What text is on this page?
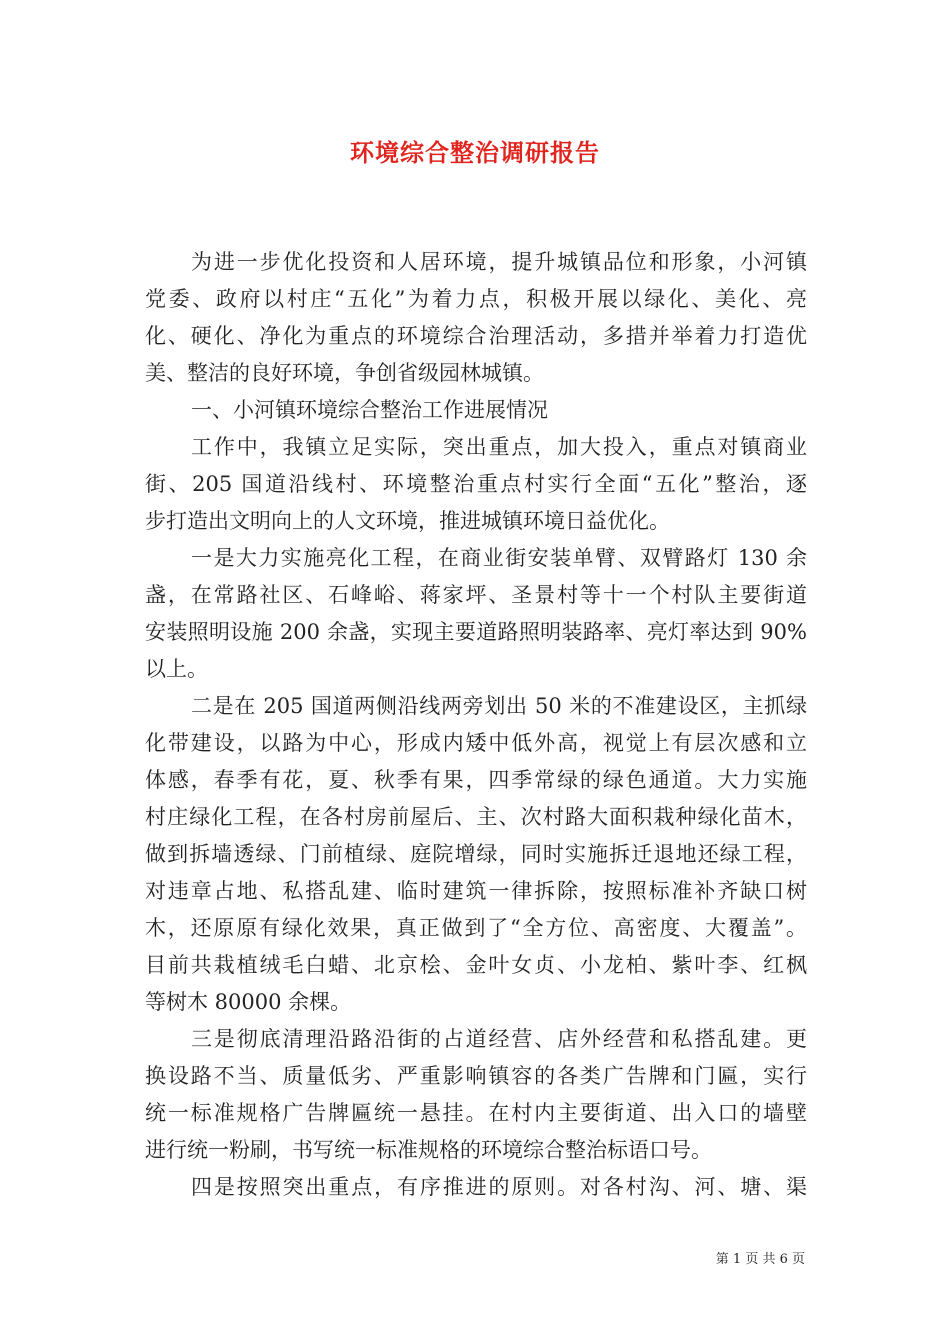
环境综合整治调研报告
为进一步优化投资和人居环境，提升城镇品位和形象，小河镇
党委、政府以村庄“五化”为着力点，积极开展以绿化、美化、亮
化、硬化、净化为重点的环境综合治理活动，多措并举着力打造优
美、整洁的良好环境，争创省级园林城镇。
一、小河镇环境综合整治工作进展情况
工作中，我镇立足实际，突出重点，加大投入，重点对镇商业
街、205 国道沿线村、环境整治重点村实行全面“五化”整治，逐
步打造出文明向上的人文环境，推进城镇环境日益优化。
一是大力实施亮化工程，在商业街安装单臂、双臂路灯 130 余
盏，在常路社区、石峰峪、蒋家坪、圣景村等十一个村队主要街道
安装照明设施 200 余盏，实现主要道路照明装路率、亮灯率达到 90%
以上。
二是在 205 国道两侧沿线两旁划出 50 米的不准建设区，主抓绿
化带建设，以路为中心，形成内矮中低外高，视觉上有层次感和立
体感，春季有花，夏、秋季有果，四季常绿的绿色通道。大力实施
村庄绿化工程，在各村房前屋后、主、次村路大面积栽种绿化苗木，
做到拆墙透绿、门前植绿、庭院增绿，同时实施拆迁退地还绿工程，
对违章占地、私搭乱建、临时建筑一律拆除，按照标准补齐缺口树
木，还原原有绿化效果，真正做到了“全方位、高密度、大覆盖”。
目前共栽植绒毛白蜡、北京桧、金叶女贞、小龙柏、紫叶李、红枫
等树木 80000 余棵。
三是彻底清理沿路沿街的占道经营、店外经营和私搭乱建。更
换设路不当、质量低劣、严重影响镇容的各类广告牌和门匾，实行
统一标准规格广告牌匾统一悬挂。在村内主要街道、出入口的墙壁
进行统一粉刷，书写统一标准规格的环境综合整治标语口号。
四是按照突出重点，有序推进的原则。对各村沟、河、塘、渠
第 1 页 共 6 页
